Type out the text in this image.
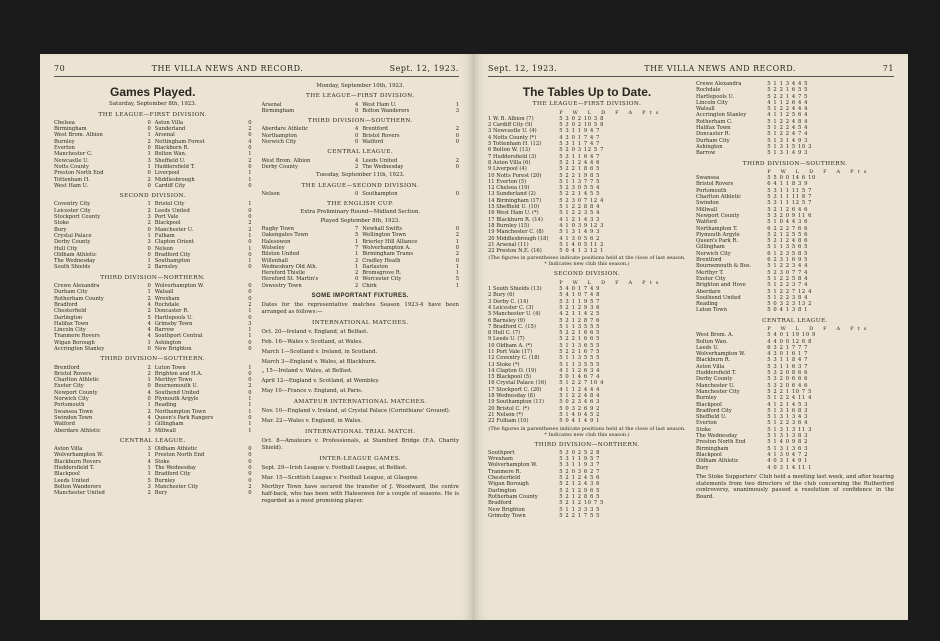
70	THE VILLA NEWS AND RECORD.	Sept. 12, 1923.
Games Played.
Saturday, September 8th, 1923.
THE LEAGUE—FIRST DIVISION.
Chelsea	0 Aston Villa	0
Birmingham	0 Sunderland	2
West Brom. Albion	1 Arsenal	0
Burnley	2 Nottingham Forest	4
Everton	0 Blackburn R.	0
Manchester C.	1 Bolton Wan.	1
Newcastle U.	3 Sheffield U.	2
Notts County	1 Huddersfield T.	0
Preston North End	0 Liverpool	1
Tottenham H.	2 Middlesbrough	1
West Ham U.	0 Cardiff City	0
SECOND DIVISION.
Coventry City	1 Bristol City	1
Leicester City	2 Leeds United	0
Stockport County	3 Port Vale	0
Stoke	2 Blackpool	2
Bury	0 Manchester U.	2
Crystal Palace	1 Fulham	1
Derby County	3 Clapton Orient	0
Hull City	0 Nelson	1
Oldham Athletic	0 Bradford City	0
The Wednesday	1 Southampton	1
South Shields	2 Barnsley	0
THIRD DIVISION—NORTHERN.
Crewe Alexandra	0 Wolverhampton W.	0
Durham City	1 Walsall	0
Rotherham County	2 Wrexham	0
Bradford	4 Rochdale	2
Chesterfield	2 Doncaster R.	1
Darlington	5 Hartlepools U.	0
Halifax Town	4 Grimsby Town	3
Lincoln City	4 Barrow	1
Tranmere Rovers	4 Southport Central	1
Wigan Borough	1 Ashington	0
Accrington Stanley	0 New Brighton	0
THIRD DIVISION—SOUTHERN.
Brentford	2 Luton Town	1
Bristol Rovers	2 Brighton and H.A.	0
Charlton Athletic	1 Merthyr Town	0
Exeter City	0 Bournemouth U.	2
Newport County	4 Southend United	0
Norwich City	0 Plymouth Argyle	1
Portsmouth	1 Reading	1
Swansea Town	2 Northampton Town	1
Swindon Town	4 Queen's Park Rangers	0
Watford	1 Gillingham	1
Aberdare Athletic	3 Millwall	1
CENTRAL LEAGUE.
Aston Villa	3 Oldham Athletic	0
Wolverhampton W.	1 Preston North End	0
Blackburn Rovers	4 Stoke	0
Huddersfield T.	1 The Wednesday	0
Blackpool	1 Bradford City	0
Leeds United	5 Burnley	0
Bolton Wanderers	3 Manchester City	2
Manchester United	2 Bury	0
Monday, September 10th, 1923.
THE LEAGUE—FIRST DIVISION.
Arsenal	4 West Ham U.	1
Birmingham	0 Bolton Wanderers	3
THIRD DIVISION—SOUTHERN.
Aberdare Athletic	4 Brentford	2
Northampton	0 Bristol Rovers	0
Norwich City	0 Watford	0
CENTRAL LEAGUE.
West Brom. Albion	4 Leeds United	2
Derby County	2 The Wednesday	0
Tuesday, September 11th, 1923.
THE LEAGUE—SECOND DIVISION.
Nelson	0 Southampton	0
THE ENGLISH CUP.
Extra Preliminary Round—Midland Section.
Played September 8th, 1923.
Rugby Town	7 Newhall Swifts	0
Oakengates Town	5 Wellington Town	2
Halesowen	1 Brierley Hill Alliance	1
Wolseley	7 Wolverhampton A.	0
Bilston United	1 Birmingham Trams	2
Willenhall	2 Cradley Heath	0
Wednesbury Old Ath.	1 Darlaston	1
Hereford Thistle	2 Bromsgrove R.	1
Hereford St. Martin's	0 Worcester City	5
Oswestry Town	2 Chirk	1
SOME IMPORTANT FIXTURES.
Dates for the representative matches Season 1923-4 have been arranged as follows:—
INTERNATIONAL MATCHES.
Oct. 20—Ireland v. England, at Belfast.
Feb. 16—Wales v. Scotland, at Wales.
March 1—Scotland v. Ireland, in Scotland.
March 3—England v. Wales, at Blackburn.
„ 15—Ireland v. Wales, at Belfast.
April 12—England v. Scotland, at Wembley.
May 10—France v. England, at Paris.
AMATEUR INTERNATIONAL MATCHES.
Nov. 10—England v. Ireland, at Crystal Palace (Corinthians' Ground).
Mar. 22—Wales v. England, in Wales.
INTERNATIONAL TRIAL MATCH.
Oct. 8—Amateurs v. Professionals, at Stamford Bridge (F.A. Charity Shield).
INTER-LEAGUE GAMES.
Sept. 29—Irish League v. Football League, at Belfast.
Mar. 15—Scottish League v. Football League, at Glasgow.
Merthyr Town have secured the transfer of J. Woodward, the centre half-back, who has been with Halesowen for a couple of seasons. He is regarded as a most promising player.
Sept. 12, 1923.	THE VILLA NEWS AND RECORD.	71
The Tables Up to Date.
THE LEAGUE—FIRST DIVISION.
P W L D F A Pts
1 W. B. Albion (7)	5 3 0 2 10 3 8
2 Cardiff City (9)	5 3 0 2 10 5 8
3 Newcastle U. (4)	5 3 1 1 9 4 7
4 Notts County (*)	4 3 0 1 7 4 7
5 Tottenham H. (12)	5 3 1 1 7 4 7
6 Bolton W. (13)	5 2 0 3 12 5 7
7 Huddersfield (3)	5 3 1 1 6 4 7
8 Aston Villa (6)	5 2 1 2 4 4 6
9 Liverpool (4)	5 2 2 1 8 6 5
10 Notts Forest (20)	5 2 2 1 9 8 5
11 Everton (5)	5 1 1 3 7 7 5
12 Chelsea (19)	5 2 3 0 5 5 4
13 Sunderland (2)	5 2 2 1 4 5 5
14 Birmingham (17)	5 2 3 0 7 12 4
15 Sheffield U. (10)	5 1 2 2 8 8 4
16 West Ham U. (*)	5 1 2 2 3 5 4
17 Blackburn R. (14)	4 1 2 1 4 3 3
18 Burnley (15)	4 1 0 3 9 12 3
19 Manchester C. (8)	5 1 3 1 4 9 3
20 Middlesbrough (18)	4 1 3 0 5 6 2
21 Arsenal (11)	5 1 4 0 5 11 2
22 Preston N.E. (16)	5 0 4 1 3 12 1
(The figures in parentheses indicate positions held at the close of last season. * Indicates new club this season.)
SECOND DIVISION.
P W L D F A Pts
1 South Shields (13)	5 4 0 1 7 4 9
2 Bury (6)	5 4 1 0 7 4 8
3 Derby C. (14)	5 3 1 1 9 5 7
4 Leicester C. (3)	5 2 1 2 9 3 6
5 Manchester U. (4)	4 2 1 1 4 2 5
6 Barnsley (9)	5 2 1 2 8 7 6
7 Bradford C. (15)	5 1 1 3 5 5 5
8 Hull C. (7)	5 2 2 1 6 6 5
9 Leeds U. (7)	5 2 2 1 6 6 5
10 Oldham A. (*)	5 1 1 3 6 5 5
11 Port Vale (17)	5 2 2 1 6 7 5
12 Coventry C. (18)	5 1 1 3 5 5 5
13 Stoke (*)	5 1 1 3 5 5 5
14 Clapton O. (19)	4 1 1 2 6 3 4
15 Blackpool (5)	5 0 1 4 6 7 4
16 Crystal Palace (16)	5 1 2 2 7 10 4
17 Stockport C. (20)	4 1 1 2 4 4 4
18 Wednesday (8)	5 1 2 2 4 8 4
19 Southampton (11)	5 0 2 3 4 6 3
20 Bristol C. (*)	5 0 3 2 6 9 2
21 Nelson (*)	5 1 4 0 4 5 2
22 Fulham (10)	5 0 4 1 4 9 1
(The figures in parentheses indicate positions held at the close of last season. * Indicates new club this season.)
THIRD DIVISION—NORTHERN.
Southport	5 3 0 2 5 2 8
Wrexham	5 3 1 1 9 5 7
Wolverhampton W.	5 3 1 1 9 3 7
Tranmere R.	5 2 0 3 6 2 7
Chesterfield	5 2 1 2 4 5 6
Wigan Borough	5 2 1 2 4 3 6
Darlington	5 2 1 2 9 6 5
Rotherham County	5 2 1 2 8 6 5
Bradford	5 2 1 2 10 7 5
New Brighton	5 1 1 3 3 3 5
Grimsby Town	5 2 2 1 7 5 5
Crewe Alexandra	5 1 1 3 4 4 5
Rochdale	5 2 2 1 6 5 5
Hartlepools U.	5 2 2 1 4 7 5
Lincoln City	4 1 1 2 6 4 4
Walsall	5 1 2 2 4 4 4
Accrington Stanley	4 1 1 2 5 6 4
Rotherham C.	5 1 2 2 4 8 4
Halifax Town	5 1 2 2 4 5 4
Doncaster R.	5 1 2 2 4 7 4
Durham City	5 1 3 1 4 9 3
Ashington	5 1 3 1 5 10 3
Barrow	5 1 3 1 4 9 3
THIRD DIVISION—SOUTHERN.
P W L D F A Pts
Swansea	5 5 0 0 14 6 10
Bristol Rovers	6 4 1 1 8 3 9
Portsmouth	5 3 1 1 11 5 7
Charlton Athletic	5 3 1 1 11 8 7
Swindon	5 3 1 1 12 5 7
Millwall	5 2 1 2 6 4 6
Newport County	5 3 2 0 9 11 6
Watford	5 1 0 4 4 3 6
Northampton T.	6 2 2 2 7 6 6
Plymouth Argyle	5 2 1 2 5 5 6
Queen's Park R.	5 2 1 2 4 8 6
Gillingham	5 1 1 3 5 6 5
Norwich City	6 1 2 3 5 8 5
Brentford	6 2 3 1 6 9 5
Bournemouth & Bos.	5 1 2 2 3 4 4
Merthyr T.	5 2 3 0 7 7 4
Exeter City	5 1 2 2 5 8 4
Brighton and Hove	5 1 2 2 3 7 4
Aberdare	5 1 2 2 7 12 4
Southend United	5 1 2 2 3 8 4
Reading	5 0 3 2 3 13 2
Luton Town	5 0 4 1 3 8 1
CENTRAL LEAGUE.
P W L D F A Pts
West Brom. A.	5 4 0 1 19 10 9
Bolton Wan.	4 4 0 0 12 6 8
Leeds U.	6 3 2 1 7 7 7
Wolverhampton W.	4 3 0 1 6 1 7
Blackburn R.	5 3 1 1 8 4 7
Aston Villa	5 3 1 1 6 3 7
Huddersfield T.	5 3 2 0 8 6 6
Derby County	5 3 2 0 6 6 6
Manchester U.	5 3 2 0 6 4 6
Manchester City	5 2 2 1 10 7 5
Burnley	5 1 2 2 4 11 4
Blackpool	4 1 2 1 4 5 3
Bradford City	5 1 3 1 6 8 3
Sheffield U.	5 1 3 1 3 4 3
Everton	5 1 2 2 3 6 4
Stoke	5 1 3 1 3 11 3
The Wednesday	5 1 3 1 3 8 3
Preston North End	5 1 4 0 9 8 2
Birmingham	5 1 3 1 3 6 3
Blackpool	4 1 3 0 4 7 2
Oldham Athletic	4 0 3 1 4 9 1
Bury	4 0 3 1 4 11 1
The Stoke Supporters' Club held a meeting last week, and after hearing statements from two directors of the club concerning the Rutherford controversy, unanimously passed a resolution of confidence in the Board.
